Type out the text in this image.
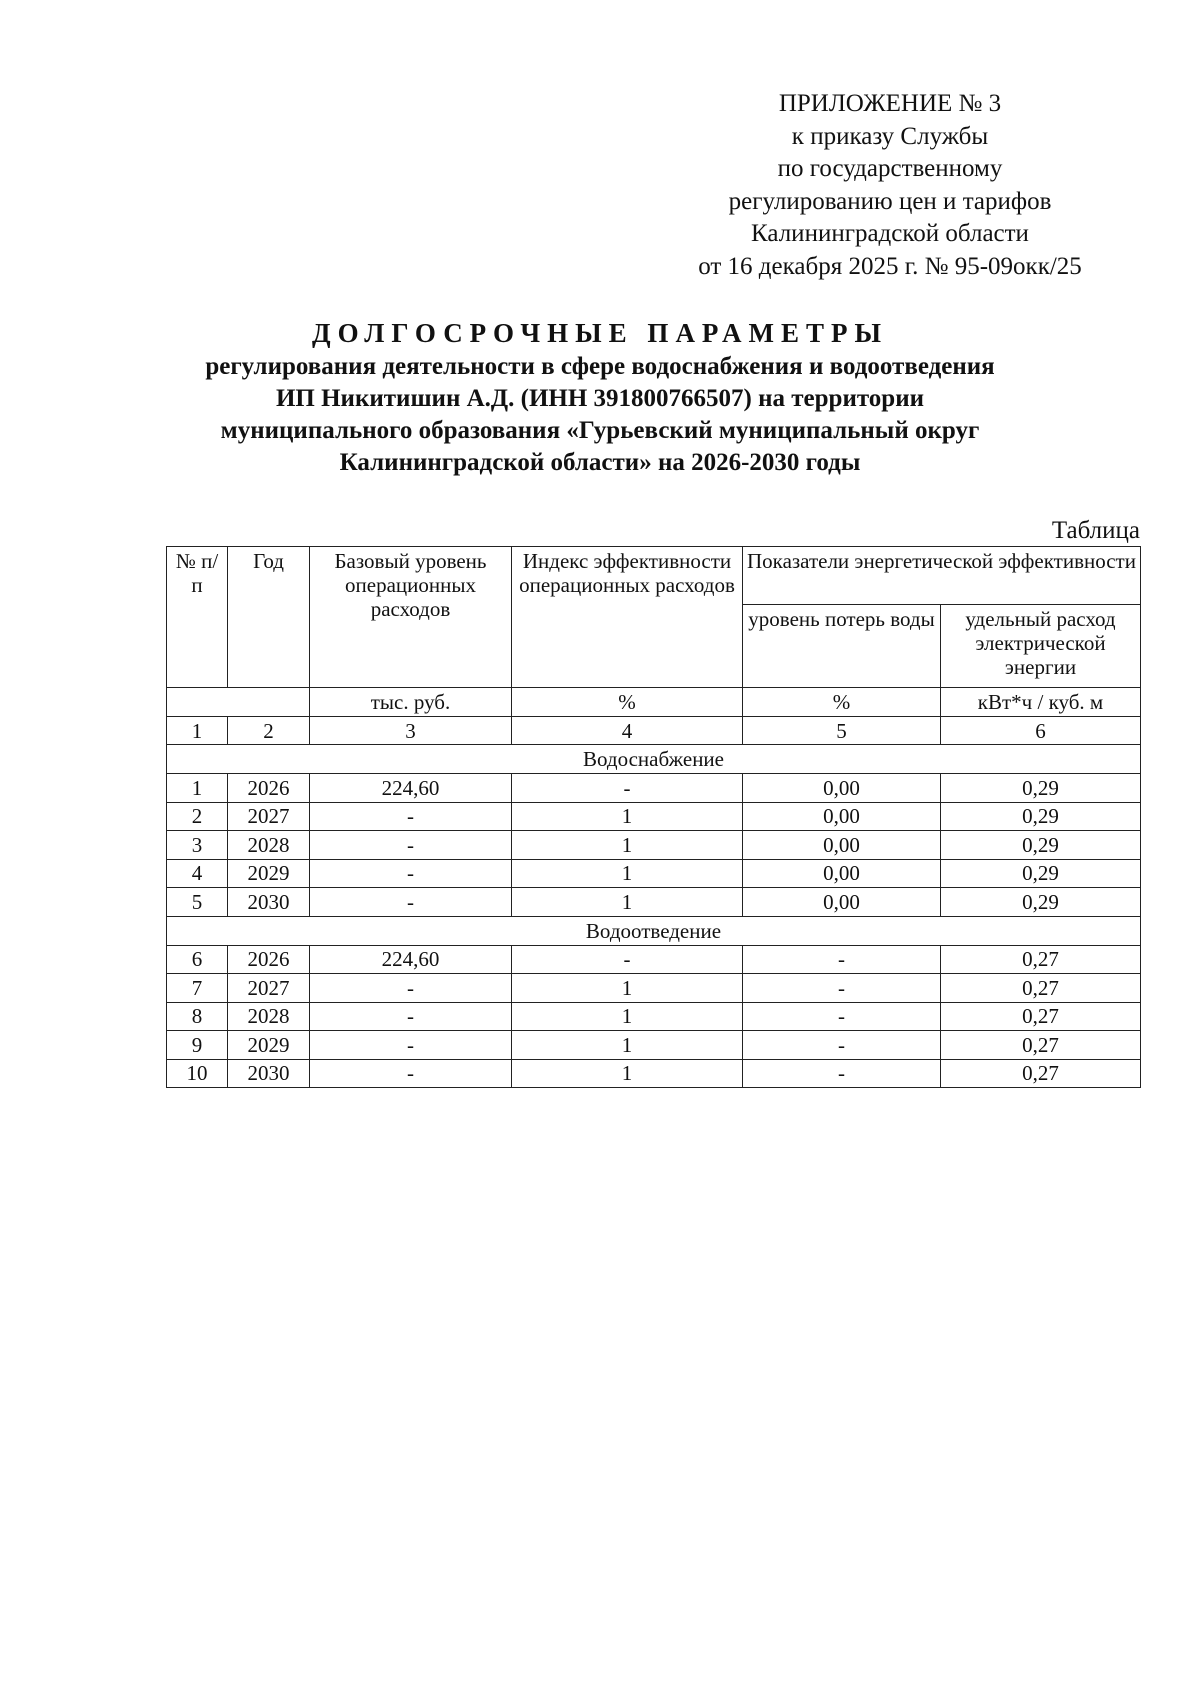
ПРИЛОЖЕНИЕ № 3
к приказу Службы
по государственному
регулированию цен и тарифов
Калининградской области
от 16 декабря 2025 г. № 95-09окк/25
ДОЛГОСРОЧНЫЕ ПАРАМЕТРЫ
регулирования деятельности в сфере водоснабжения и водоотведения
ИП Никитишин А.Д. (ИНН 391800766507) на территории
муниципального образования «Гурьевский муниципальный округ
Калининградской области» на 2026-2030 годы
Таблица
№ п/п	Год	Базовый уровень операционных расходов	Индекс эффективности операционных расходов	Показатели энергетической эффективности	
				уровень потерь воды	удельный расход электрической энергии
		тыс. руб.	%	%	кВт*ч / куб. м
1	2	3	4	5	6
Водоснабжение					
1	2026	224,60	-	0,00	0,29
2	2027	-	1	0,00	0,29
3	2028	-	1	0,00	0,29
4	2029	-	1	0,00	0,29
5	2030	-	1	0,00	0,29
Водоотведение					
6	2026	224,60	-	-	0,27
7	2027	-	1	-	0,27
8	2028	-	1	-	0,27
9	2029	-	1	-	0,27
10	2030	-	1	-	0,27
